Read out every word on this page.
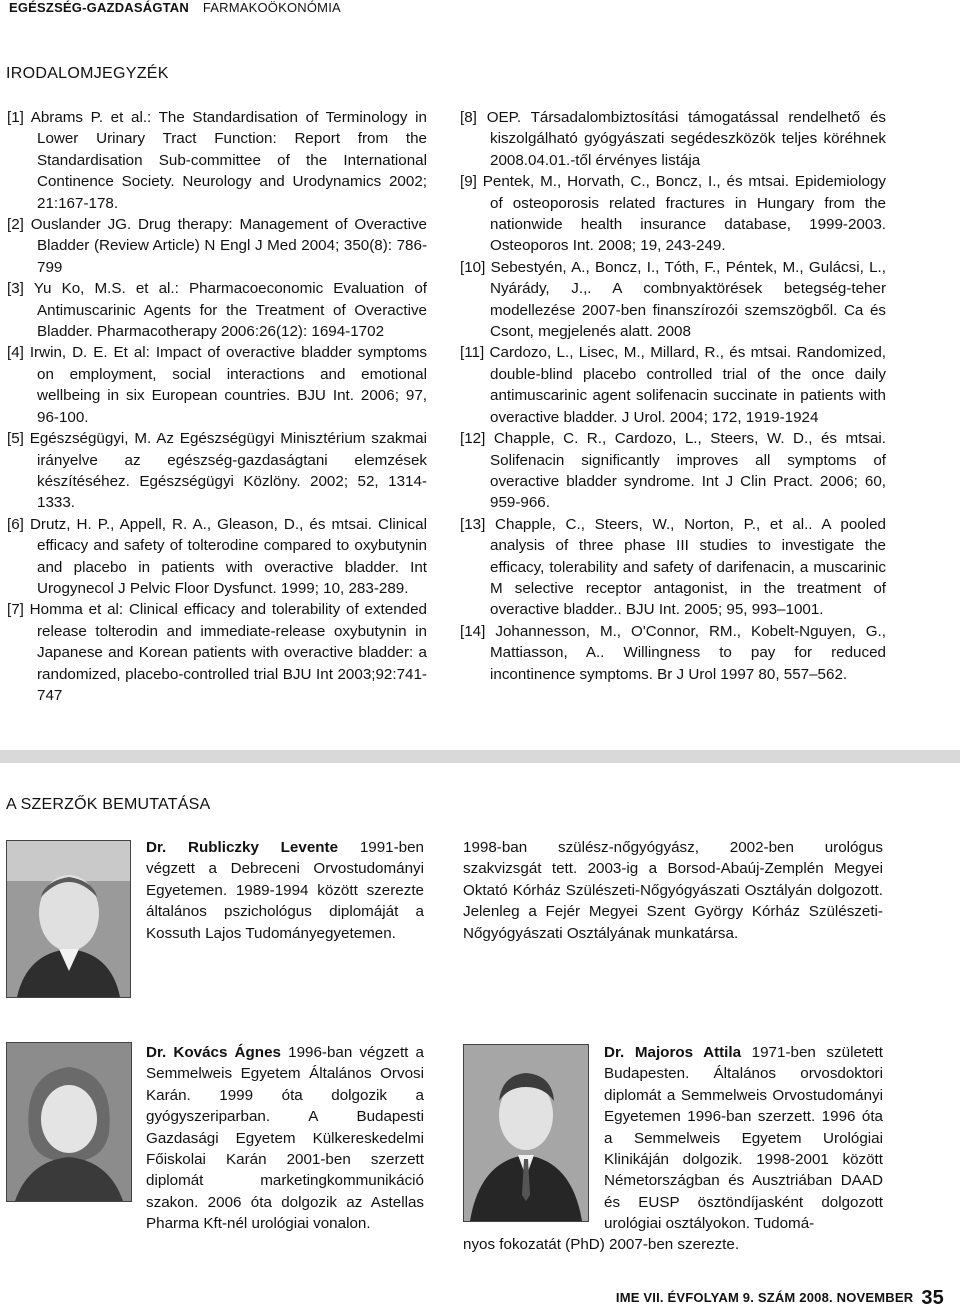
EGÉSZSÉG-GAZDASÁGTAN FARMAKOÖKONÓMIA
IRODALOMJEGYZÉK
[1] Abrams P. et al.: The Standardisation of Terminology in Lower Urinary Tract Function: Report from the Standardisation Sub-committee of the International Continence Society. Neurology and Urodynamics 2002; 21:167-178.
[2] Ouslander JG. Drug therapy: Management of Overactive Bladder (Review Article) N Engl J Med 2004; 350(8): 786-799
[3] Yu Ko, M.S. et al.: Pharmacoeconomic Evaluation of Antimuscarinic Agents for the Treatment of Overactive Bladder. Pharmacotherapy 2006:26(12): 1694-1702
[4] Irwin, D. E. Et al: Impact of overactive bladder symptoms on employment, social interactions and emotional wellbeing in six European countries. BJU Int. 2006; 97, 96-100.
[5] Egészségügyi, M. Az Egészségügyi Minisztérium szakmai irányelve az egészség-gazdaságtani elemzések készítéséhez. Egészségügyi Közlöny. 2002; 52, 1314-1333.
[6] Drutz, H. P., Appell, R. A., Gleason, D., és mtsai. Clinical efficacy and safety of tolterodine compared to oxybutynin and placebo in patients with overactive bladder. Int Urogynecol J Pelvic Floor Dysfunct. 1999; 10, 283-289.
[7] Homma et al: Clinical efficacy and tolerability of extended release tolterodin and immediate-release oxybutynin in Japanese and Korean patients with overactive bladder: a randomized, placebo-controlled trial BJU Int 2003;92:741-747
[8] OEP. Társadalombiztosítási támogatással rendelhető és kiszolgálható gyógyászati segédeszközök teljes köréhnek 2008.04.01.-től érvényes listája
[9] Pentek, M., Horvath, C., Boncz, I., és mtsai. Epidemiology of osteoporosis related fractures in Hungary from the nationwide health insurance database, 1999-2003. Osteoporos Int. 2008; 19, 243-249.
[10] Sebestyén, A., Boncz, I., Tóth, F., Péntek, M., Gulácsi, L., Nyárády, J.,. A combnyaktörések betegség-teher modellezése 2007-ben finanszírozói szemszögből. Ca és Csont, megjelenés alatt. 2008
[11] Cardozo, L., Lisec, M., Millard, R., és mtsai. Randomized, double-blind placebo controlled trial of the once daily antimuscarinic agent solifenacin succinate in patients with overactive bladder. J Urol. 2004; 172, 1919-1924
[12] Chapple, C. R., Cardozo, L., Steers, W. D., és mtsai. Solifenacin significantly improves all symptoms of overactive bladder syndrome. Int J Clin Pract. 2006; 60, 959-966.
[13] Chapple, C., Steers, W., Norton, P., et al.. A pooled analysis of three phase III studies to investigate the efficacy, tolerability and safety of darifenacin, a muscarinic M selective receptor antagonist, in the treatment of overactive bladder.. BJU Int. 2005; 95, 993–1001.
[14] Johannesson, M., O'Connor, RM., Kobelt-Nguyen, G., Mattiasson, A.. Willingness to pay for reduced incontinence symptoms. Br J Urol 1997 80, 557–562.
A SZERZŐK BEMUTATÁSA
Dr. Rubliczky Levente 1991-ben végzett a Debreceni Orvostudományi Egyetemen. 1989-1994 között szerezte általános pszichológus diplomáját a Kossuth Lajos Tudományegyetemen.
1998-ban szülész-nőgyógyász, 2002-ben urológus szakvizsgát tett. 2003-ig a Borsod-Abaúj-Zemplén Megyei Oktató Kórház Szülészeti-Nőgyógyászati Osztályán dolgozott. Jelenleg a Fejér Megyei Szent György Kórház Szülészeti-Nőgyógyászati Osztályának munkatársa.
Dr. Kovács Ágnes 1996-ban végzett a Semmelweis Egyetem Általános Orvosi Karán. 1999 óta dolgozik a gyógyszeriparban. A Budapesti Gazdasági Egyetem Külkereskedelmi Főiskolai Karán 2001-ben szerzett diplomát marketingkommunikáció szakon. 2006 óta dolgozik az Astellas Pharma Kft-nél urológiai vonalon.
Dr. Majoros Attila 1971-ben született Budapesten. Általános orvosdoktori diplomát a Semmelweis Orvostudományi Egyetemen 1996-ban szerzett. 1996 óta a Semmelweis Egyetem Urológiai Klinikáján dolgozik. 1998-2001 között Németországban és Ausztriában DAAD és EUSP ösztöndíjasként dolgozott urológiai osztályokon. Tudomá-
nyos fokozatát (PhD) 2007-ben szerezte.
IME VII. ÉVFOLYAM 9. SZÁM 2008. NOVEMBER 35
